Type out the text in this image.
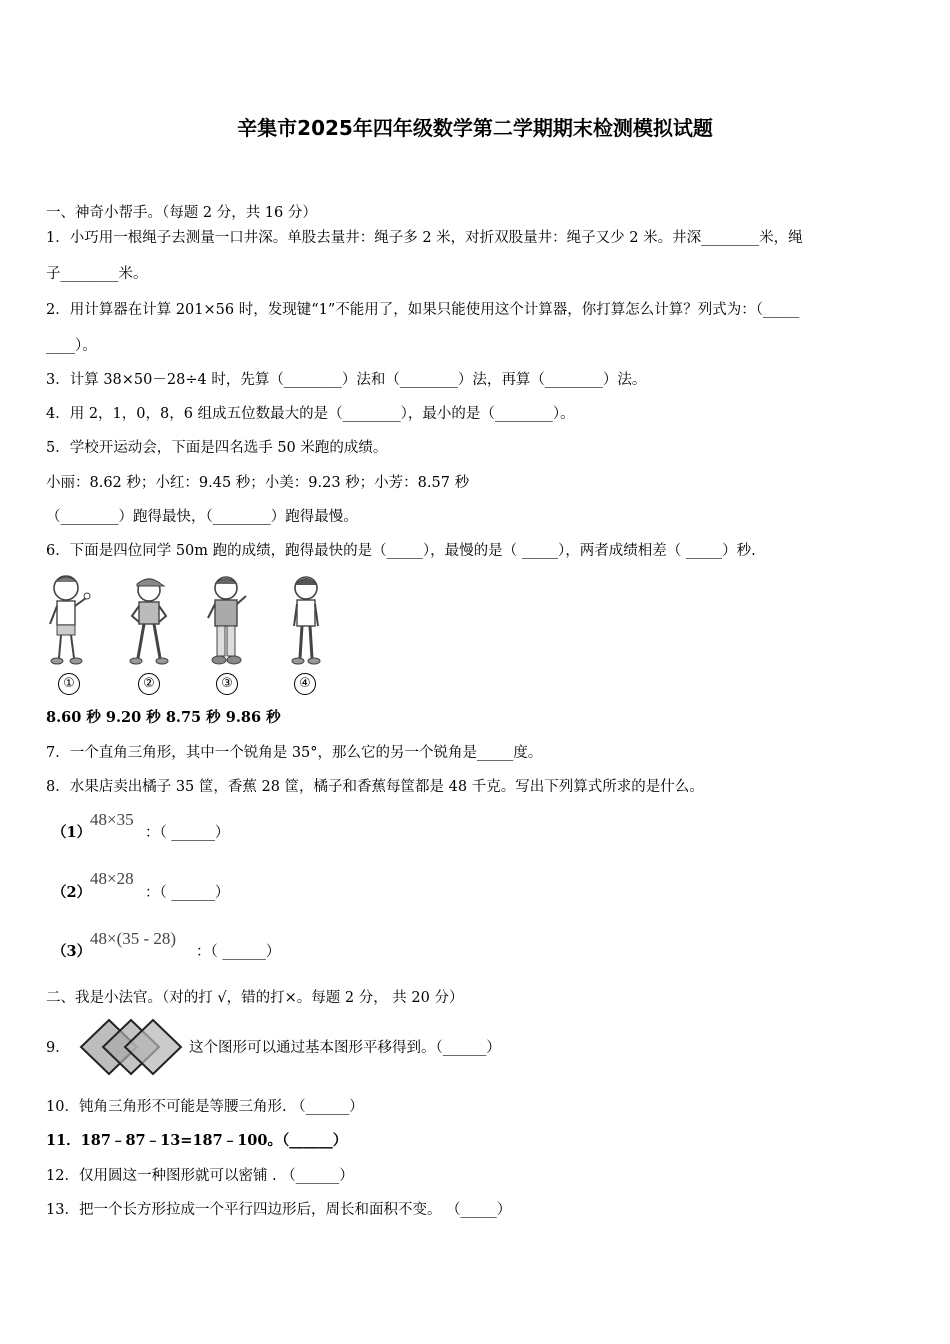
辛集市2025年四年级数学第二学期期末检测模拟试题
一、神奇小帮手。（每题 2 分，共 16 分）
1．小巧用一根绳子去测量一口井深。单股去量井：绳子多 2 米，对折双股量井：绳子又少 2 米。井深________米，绳
子________米。
2．用计算器在计算 201×56 时，发现键“1”不能用了，如果只能使用这个计算器，你打算怎么计算？列式为：（_____
____）。
3．计算 38×50－28÷4 时，先算（________）法和（________）法，再算（________）法。
4．用 2，1，0，8，6 组成五位数最大的是（________），最小的是（________）。
5．学校开运动会，下面是四名选手 50 米跑的成绩。
小丽：8.62 秒；小红：9.45 秒；小美：9.23 秒；小芳：8.57 秒
（________）跑得最快，（________）跑得最慢。
6．下面是四位同学 50m 跑的成绩，跑得最快的是（_____），最慢的是（ _____），两者成绩相差（ _____）秒.
①	②	③	④
8.60 秒 9.20 秒 8.75 秒 9.86 秒
7．一个直角三角形，其中一个锐角是 35°，那么它的另一个锐角是_____度。
8．水果店卖出橘子 35 筐，香蕉 28 筐，橘子和香蕉每筐都是 48 千克。写出下列算式所求的是什么。
（1）
48×35
：（ ______）
（2）
48×28
：（ ______）
（3）
48×(35 - 28)
：（ ______）
二、我是小法官。（对的打 √，错的打×。每题 2 分， 共 20 分）
9．	这个图形可以通过基本图形平移得到。（______）
10．钝角三角形不可能是等腰三角形. （______）
11．187﹣87﹣13=187﹣100。（______）
12．仅用圆这一种图形就可以密铺 . （______）
13．把一个长方形拉成一个平行四边形后，周长和面积不变。 （_____）
